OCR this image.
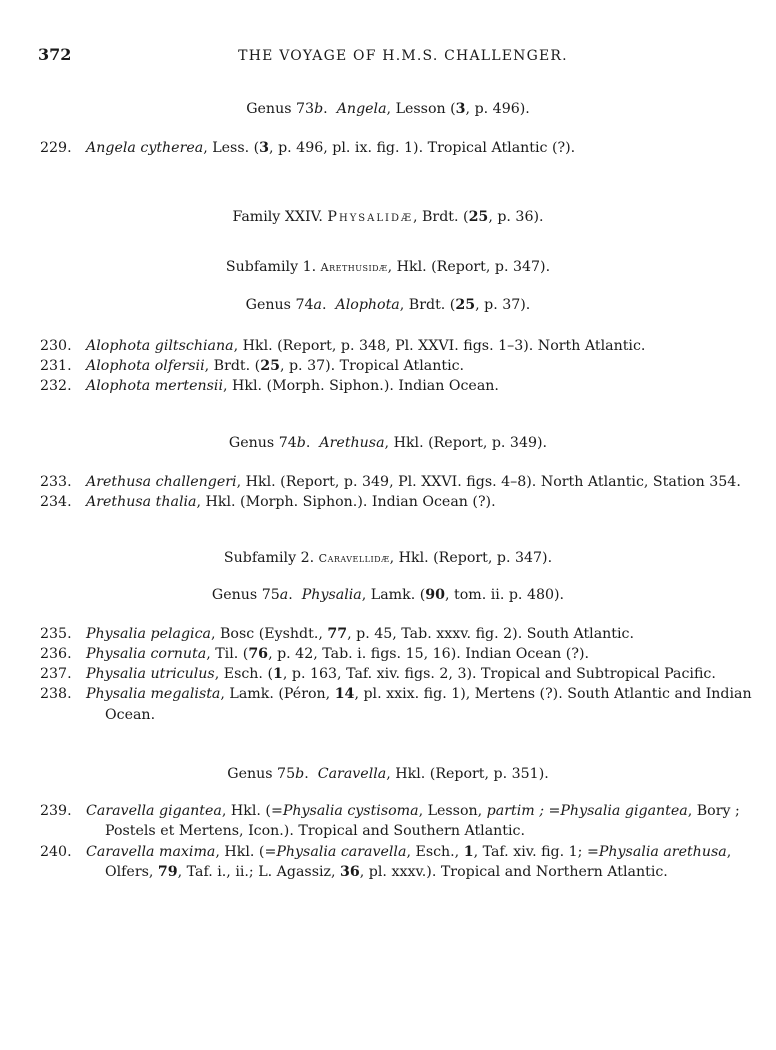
372	THE VOYAGE OF H.M.S. CHALLENGER.
Genus 73b.  Angela, Lesson (3, p. 496).
229.	Angela cytherea, Less. (3, p. 496, pl. ix. fig. 1). Tropical Atlantic (?).
Family XXIV. Physalidæ, Brdt. (25, p. 36).
Subfamily 1. Arethusidæ, Hkl. (Report, p. 347).
Genus 74a.  Alophota, Brdt. (25, p. 37).
230.	Alophota giltschiana, Hkl. (Report, p. 348, Pl. XXVI. figs. 1–3). North Atlantic.
231.	Alophota olfersii, Brdt. (25, p. 37). Tropical Atlantic.
232.	Alophota mertensii, Hkl. (Morph. Siphon.). Indian Ocean.
Genus 74b.  Arethusa, Hkl. (Report, p. 349).
233.	Arethusa challengeri, Hkl. (Report, p. 349, Pl. XXVI. figs. 4–8). North Atlantic, Station 354.
234.	Arethusa thalia, Hkl. (Morph. Siphon.). Indian Ocean (?).
Subfamily 2. Caravellidæ, Hkl. (Report, p. 347).
Genus 75a.  Physalia, Lamk. (90, tom. ii. p. 480).
235.	Physalia pelagica, Bosc (Eyshdt., 77, p. 45, Tab. xxxv. fig. 2). South Atlantic.
236.	Physalia cornuta, Til. (76, p. 42, Tab. i. figs. 15, 16). Indian Ocean (?).
237.	Physalia utriculus, Esch. (1, p. 163, Taf. xiv. figs. 2, 3). Tropical and Subtropical Pacific.
238.	Physalia megalista, Lamk. (Péron, 14, pl. xxix. fig. 1), Mertens (?). South Atlantic and Indian
Ocean.
Genus 75b.  Caravella, Hkl. (Report, p. 351).
239.	Caravella gigantea, Hkl. (=Physalia cystisoma, Lesson, partim ; =Physalia gigantea, Bory ;
Postels et Mertens, Icon.). Tropical and Southern Atlantic.
240.	Caravella maxima, Hkl. (=Physalia caravella, Esch., 1, Taf. xiv. fig. 1; =Physalia arethusa,
Olfers, 79, Taf. i., ii.; L. Agassiz, 36, pl. xxxv.). Tropical and Northern Atlantic.
